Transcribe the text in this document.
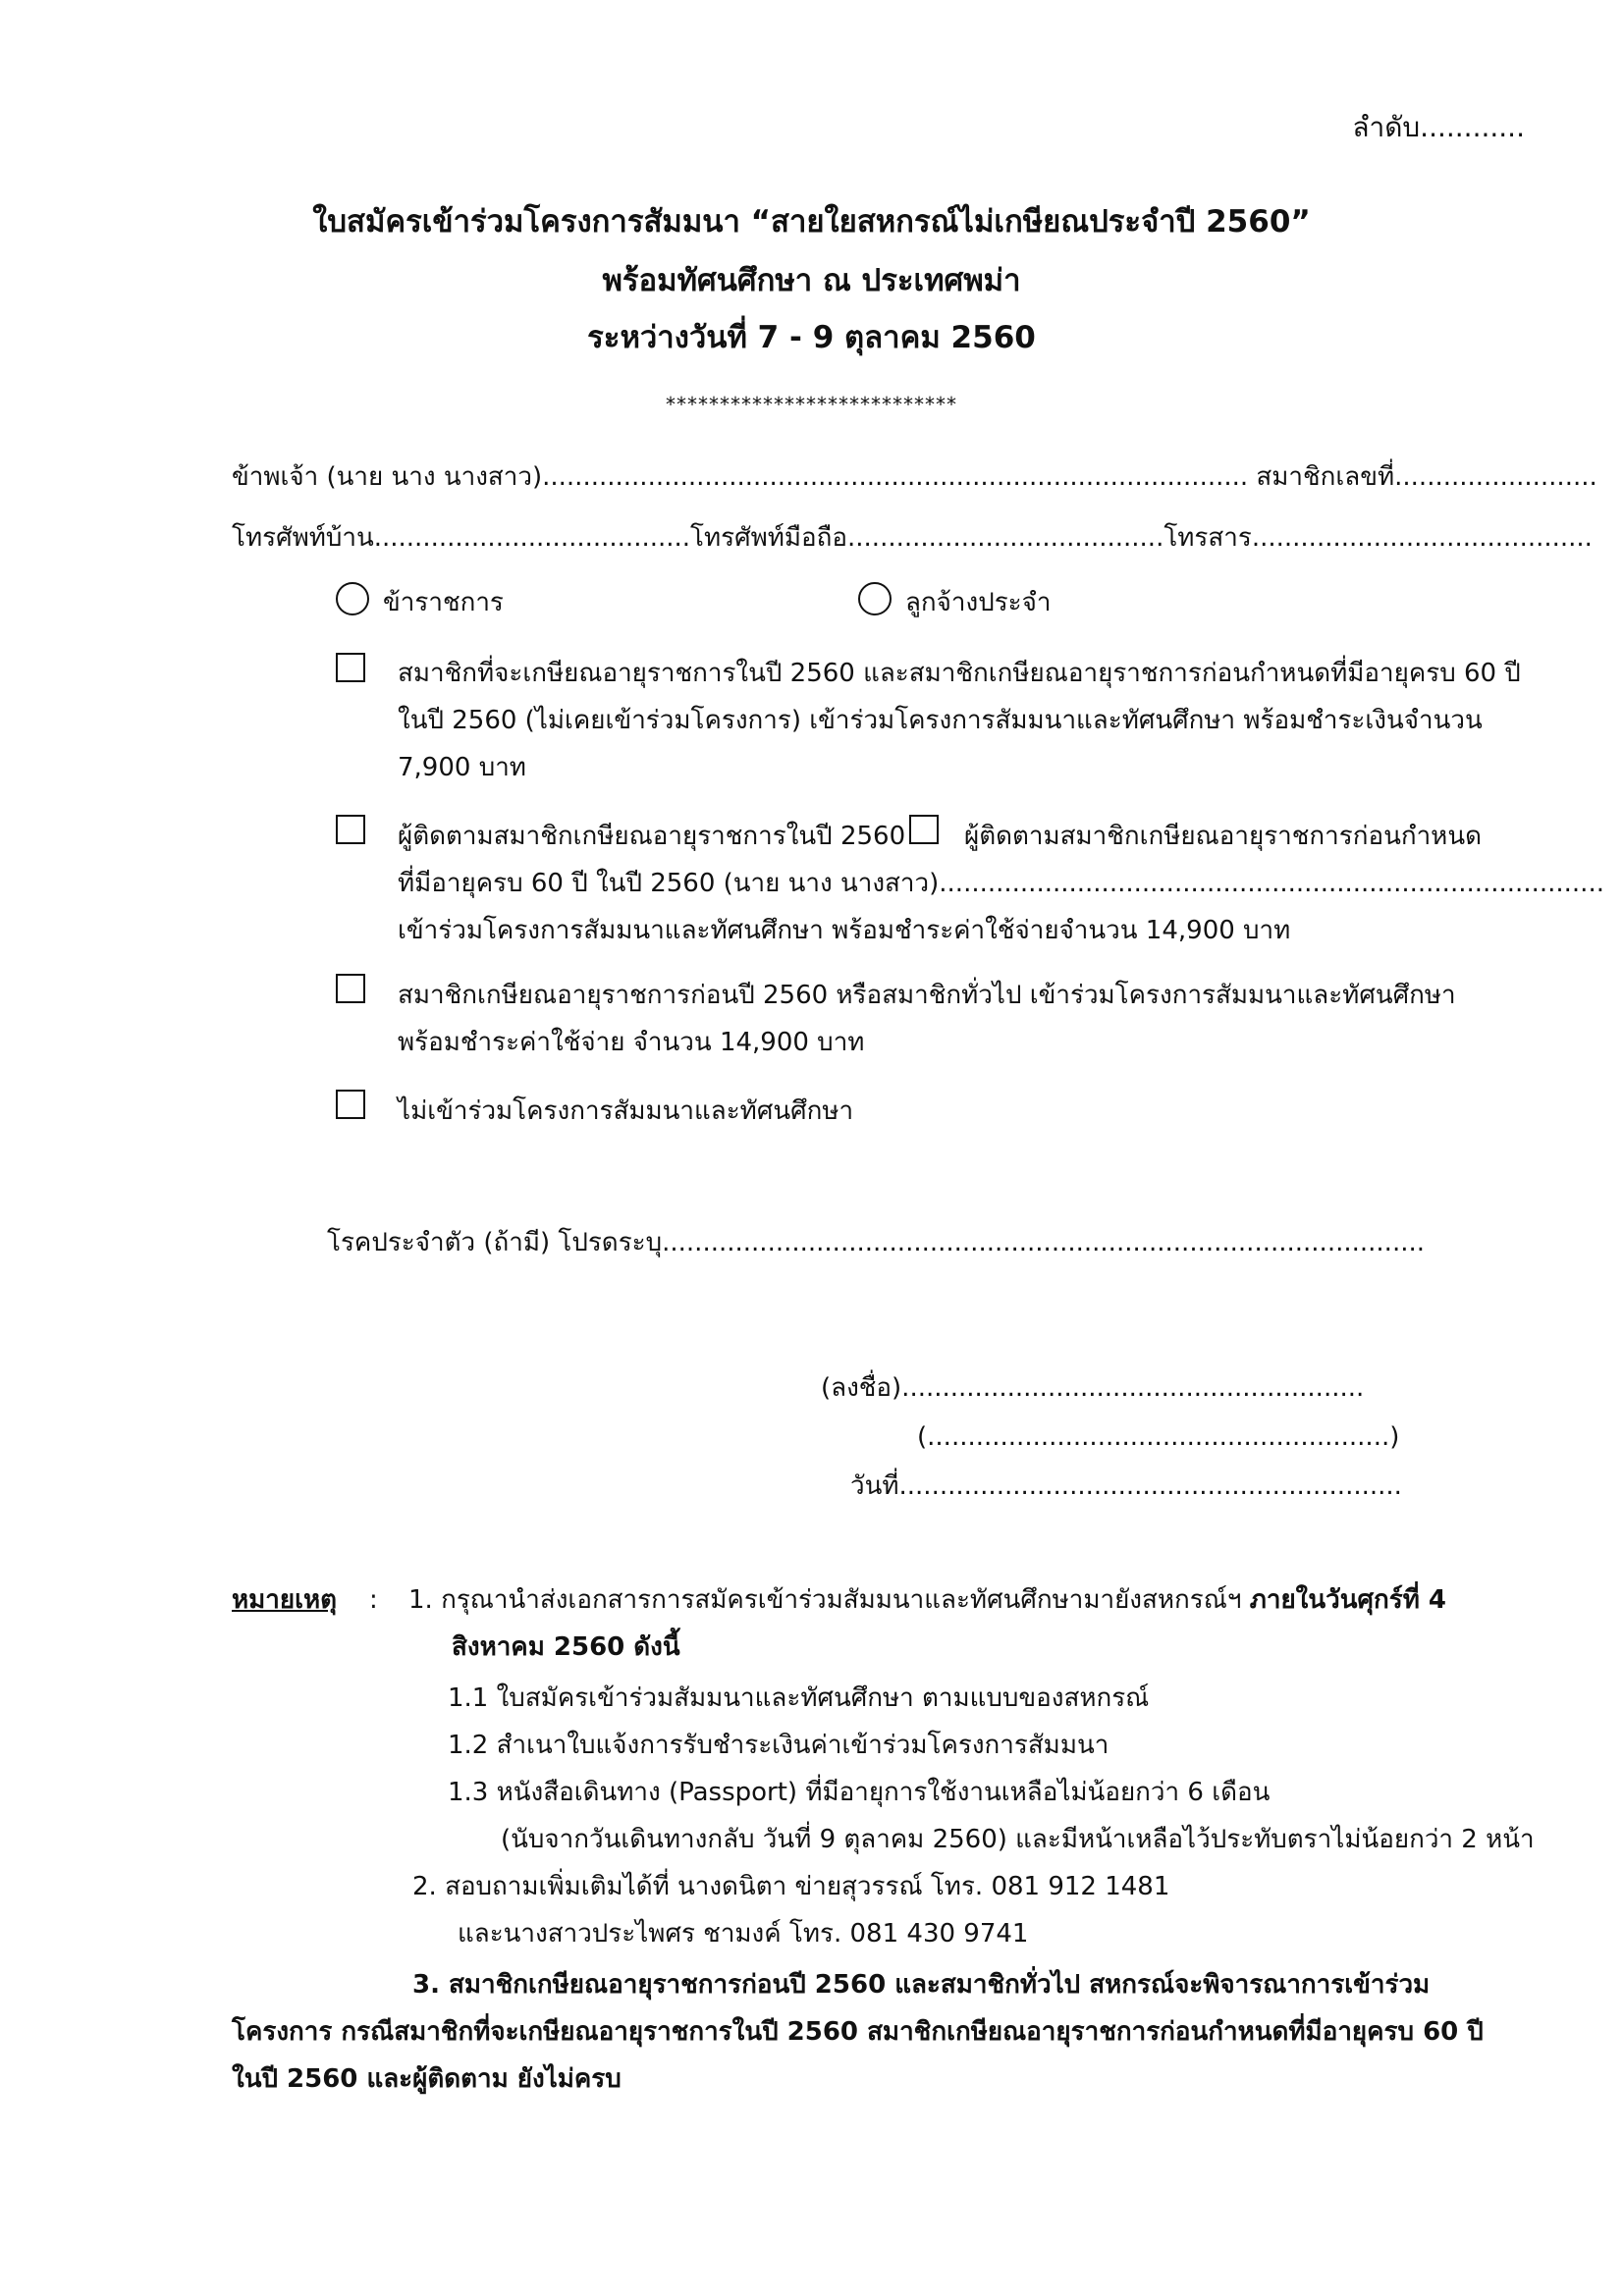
ลำดับ............
ใบสมัครเข้าร่วมโครงการสัมมนา “สายใยสหกรณ์ไม่เกษียณประจำปี 2560”
พร้อมทัศนศึกษา ณ ประเทศพม่า
ระหว่างวันที่ 7 - 9 ตุลาคม 2560
***************************
ข้าพเจ้า (นาย นาง นางสาว)....................................................................................... สมาชิกเลขที่.........................
โทรศัพท์บ้าน.......................................โทรศัพท์มือถือ.......................................โทรสาร..........................................
ข้าราชการ	ลูกจ้างประจำ
สมาชิกที่จะเกษียณอายุราชการในปี 2560 และสมาชิกเกษียณอายุราชการก่อนกำหนดที่มีอายุครบ 60 ปี
ในปี 2560 (ไม่เคยเข้าร่วมโครงการ) เข้าร่วมโครงการสัมมนาและทัศนศึกษา พร้อมชำระเงินจำนวน
7,900 บาท
ผู้ติดตามสมาชิกเกษียณอายุราชการในปี 2560 ผู้ติดตามสมาชิกเกษียณอายุราชการก่อนกำหนด
ที่มีอายุครบ 60 ปี ในปี 2560 (นาย นาง นางสาว)..................................................................................
เข้าร่วมโครงการสัมมนาและทัศนศึกษา พร้อมชำระค่าใช้จ่ายจำนวน 14,900 บาท
สมาชิกเกษียณอายุราชการก่อนปี 2560 หรือสมาชิกทั่วไป เข้าร่วมโครงการสัมมนาและทัศนศึกษา
พร้อมชำระค่าใช้จ่าย จำนวน 14,900 บาท
ไม่เข้าร่วมโครงการสัมมนาและทัศนศึกษา
โรคประจำตัว (ถ้ามี) โปรดระบุ..............................................................................................
(ลงชื่อ).........................................................
(.........................................................)
วันที่..............................................................
หมายเหตุ : 1. กรุณานำส่งเอกสารการสมัครเข้าร่วมสัมมนาและทัศนศึกษามายังสหกรณ์ฯ ภายในวันศุกร์ที่ 4
สิงหาคม 2560 ดังนี้
1.1 ใบสมัครเข้าร่วมสัมมนาและทัศนศึกษา ตามแบบของสหกรณ์
1.2 สำเนาใบแจ้งการรับชำระเงินค่าเข้าร่วมโครงการสัมมนา
1.3 หนังสือเดินทาง (Passport) ที่มีอายุการใช้งานเหลือไม่น้อยกว่า 6 เดือน
(นับจากวันเดินทางกลับ วันที่ 9 ตุลาคม 2560) และมีหน้าเหลือไว้ประทับตราไม่น้อยกว่า 2 หน้า
2. สอบถามเพิ่มเติมได้ที่ นางดนิตา ข่ายสุวรรณ์ โทร. 081 912 1481
และนางสาวประไพศร ชามงค์ โทร. 081 430 9741
3. สมาชิกเกษียณอายุราชการก่อนปี 2560 และสมาชิกทั่วไป สหกรณ์จะพิจารณาการเข้าร่วม
โครงการ กรณีสมาชิกที่จะเกษียณอายุราชการในปี 2560 สมาชิกเกษียณอายุราชการก่อนกำหนดที่มีอายุครบ 60 ปี
ในปี 2560 และผู้ติดตาม ยังไม่ครบ
